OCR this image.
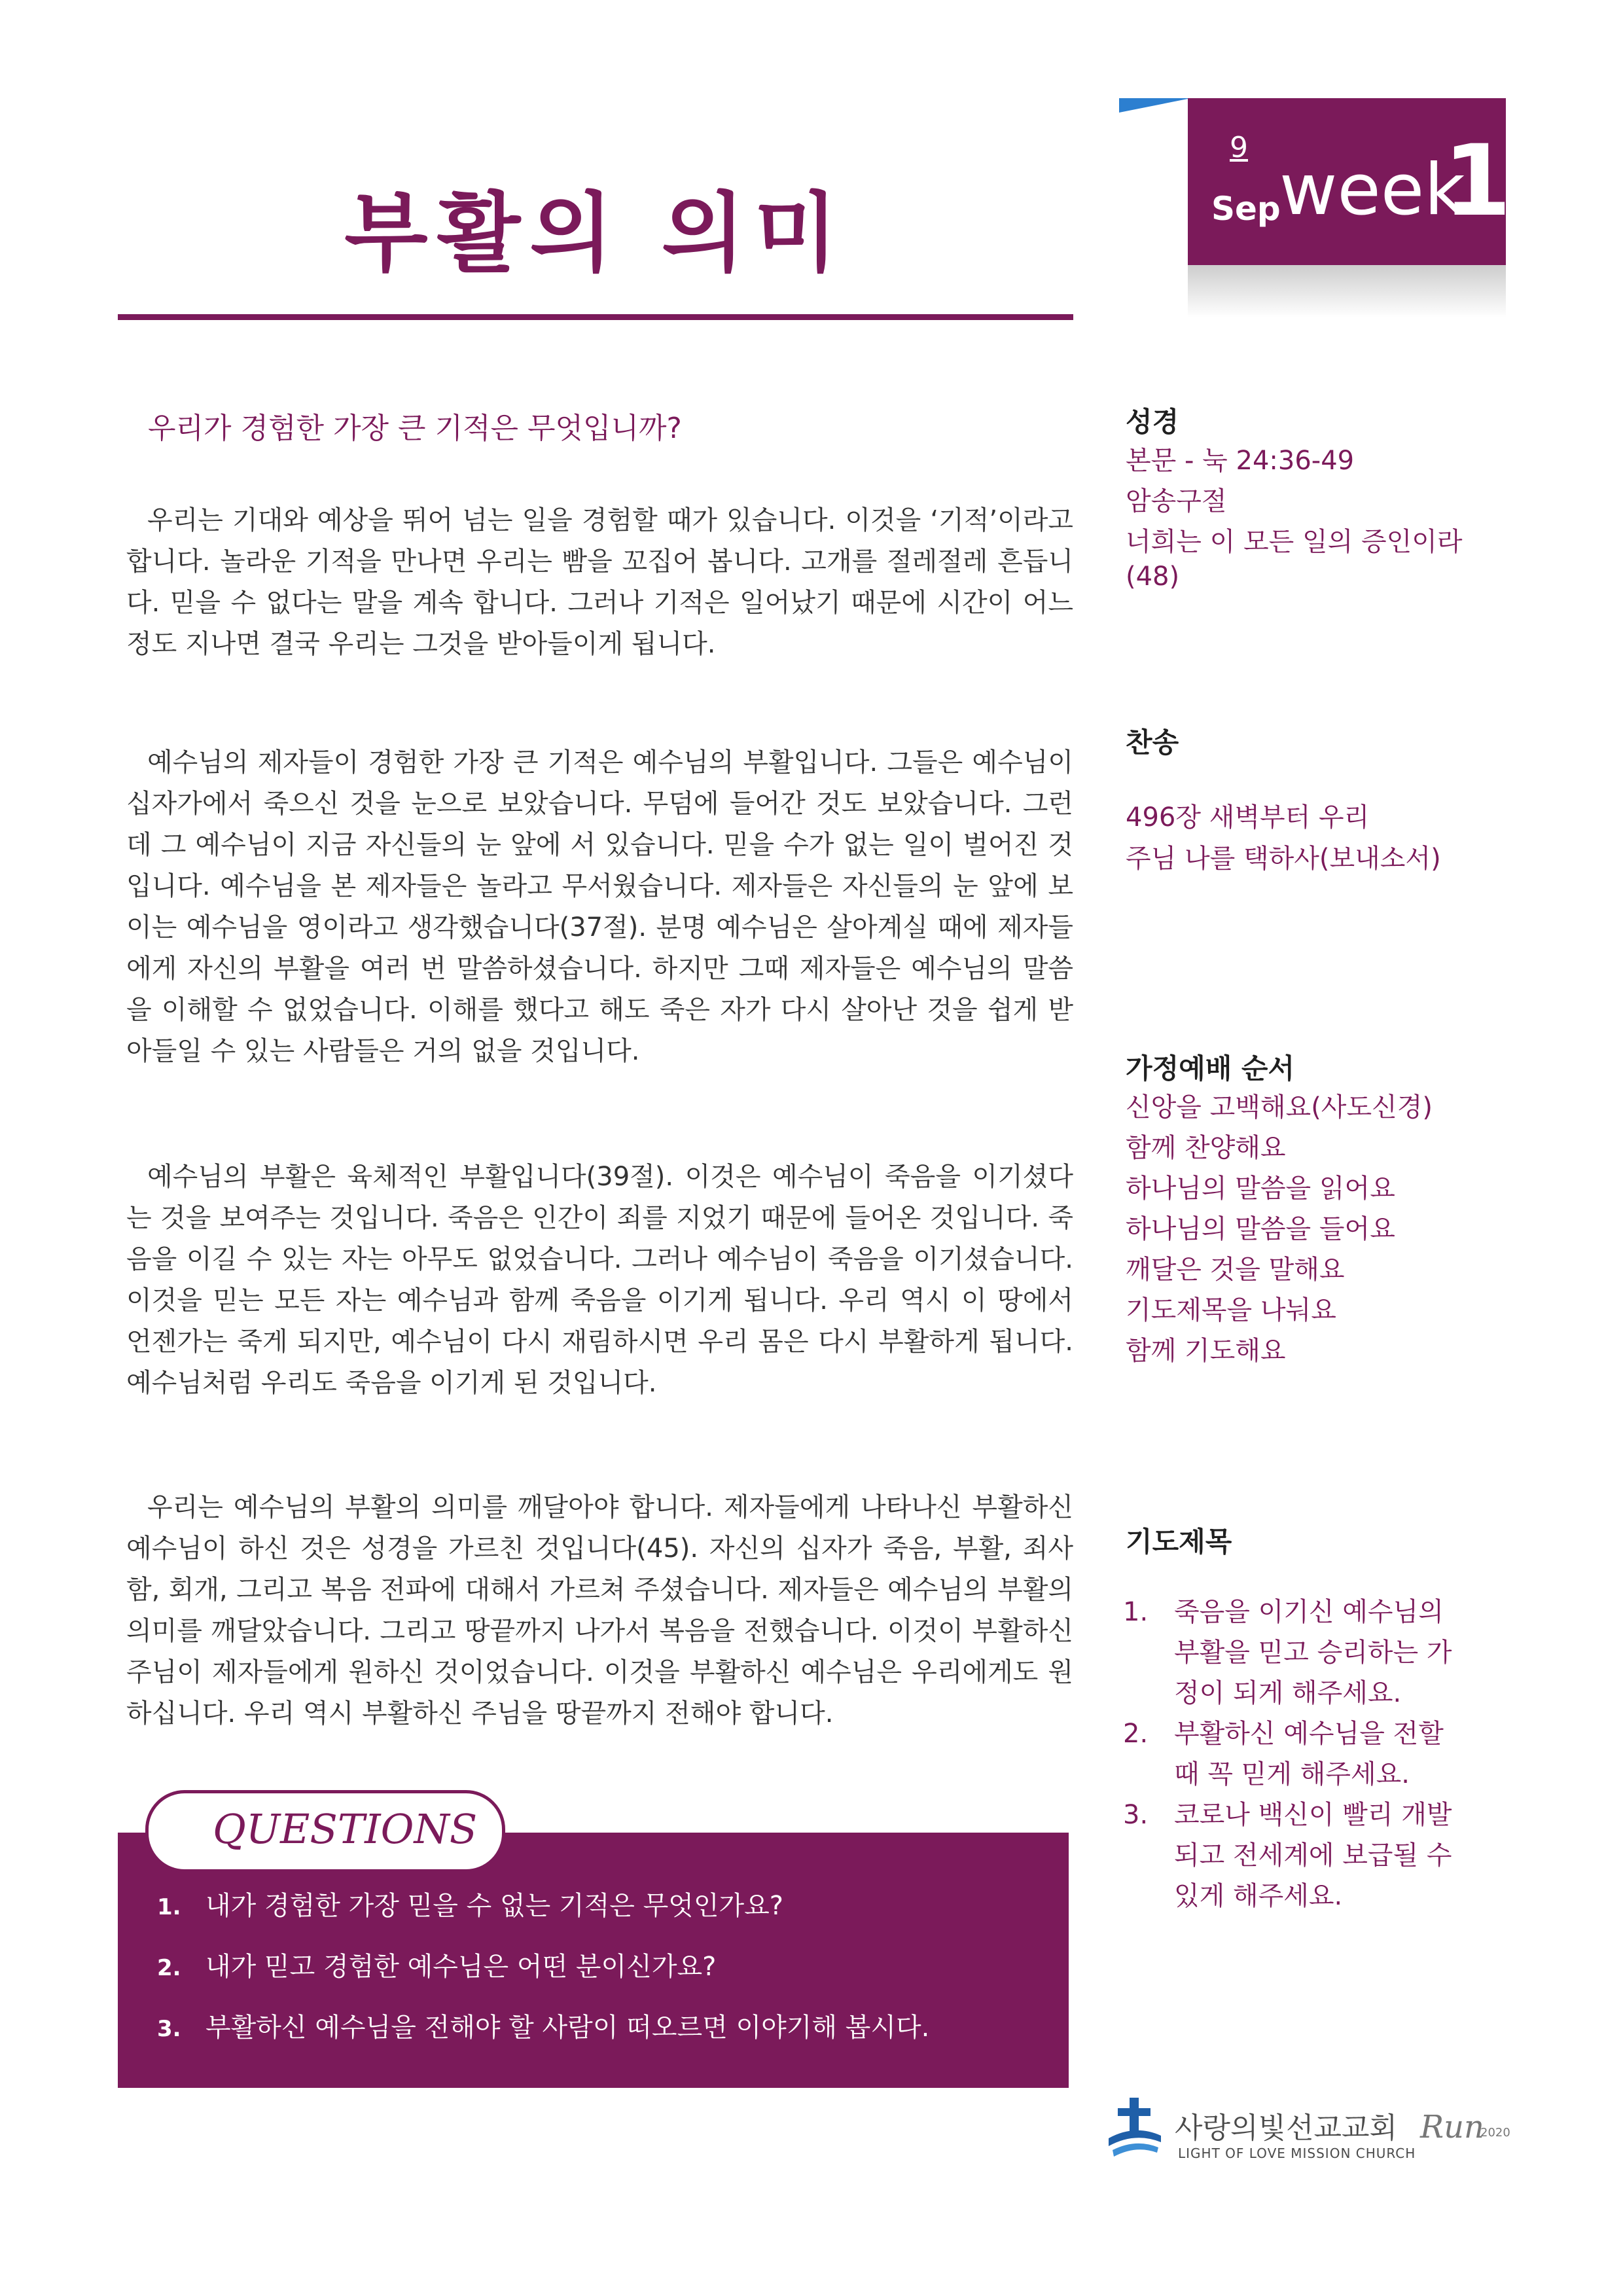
부활의 의미
9
Sep
week
1
우리가 경험한 가장 큰 기적은 무엇입니까?

우리는 기대와 예상을 뛰어 넘는 일을 경험할 때가 있습니다. 이것을 ‘기적’이라고 합니다. 놀라운 기적을 만나면 우리는 빰을 꼬집어 봅니다. 고개를 절레절레 흔듭니다. 믿을 수 없다는 말을 계속 합니다. 그러나 기적은 일어났기 때문에 시간이 어느 정도 지나면 결국 우리는 그것을 받아들이게 됩니다.

예수님의 제자들이 경험한 가장 큰 기적은 예수님의 부활입니다. 그들은 예수님이 십자가에서 죽으신 것을 눈으로 보았습니다. 무덤에 들어간 것도 보았습니다. 그런데 그 예수님이 지금 자신들의 눈 앞에 서 있습니다. 믿을 수가 없는 일이 벌어진 것입니다. 예수님을 본 제자들은 놀라고 무서웠습니다. 제자들은 자신들의 눈 앞에 보이는 예수님을 영이라고 생각했습니다(37절). 분명 예수님은 살아계실 때에 제자들에게 자신의 부활을 여러 번 말씀하셨습니다. 하지만 그때 제자들은 예수님의 말씀을 이해할 수 없었습니다. 이해를 했다고 해도 죽은 자가 다시 살아난 것을 쉽게 받아들일 수 있는 사람들은 거의 없을 것입니다.

예수님의 부활은 육체적인 부활입니다(39절). 이것은 예수님이 죽음을 이기셨다는 것을 보여주는 것입니다. 죽음은 인간이 죄를 지었기 때문에 들어온 것입니다. 죽음을 이길 수 있는 자는 아무도 없었습니다. 그러나 예수님이 죽음을 이기셨습니다. 이것을 믿는 모든 자는 예수님과 함께 죽음을 이기게 됩니다. 우리 역시 이 땅에서 언젠가는 죽게 되지만, 예수님이 다시 재림하시면 우리 몸은 다시 부활하게 됩니다. 예수님처럼 우리도 죽음을 이기게 된 것입니다.

우리는 예수님의 부활의 의미를 깨달아야 합니다. 제자들에게 나타나신 부활하신 예수님이 하신 것은 성경을 가르친 것입니다(45). 자신의 십자가 죽음, 부활, 죄사함, 회개, 그리고 복음 전파에 대해서 가르쳐 주셨습니다. 제자들은 예수님의 부활의 의미를 깨달았습니다. 그리고 땅끝까지 나가서 복음을 전했습니다. 이것이 부활하신 주님이 제자들에게 원하신 것이었습니다. 이것을 부활하신 예수님은 우리에게도 원하십니다. 우리 역시 부활하신 주님을 땅끝까지 전해야 합니다.

QUESTIONS
1. 내가 경험한 가장 믿을 수 없는 기적은 무엇인가요?
2. 내가 믿고 경험한 예수님은 어떤 분이신가요?
3. 부활하신 예수님을 전해야 할 사람이 떠오르면 이야기해 봅시다.
성경
본문 - 눅 24:36-49
암송구절
너희는 이 모든 일의 증인이라
(48)
찬송
496장 새벽부터 우리
주님 나를 택하사(보내소서)
가정예배 순서
신앙을 고백해요(사도신경)
함께 찬양해요
하나님의 말씀을 읽어요
하나님의 말씀을 들어요
깨달은 것을 말해요
기도제목을 나눠요
함께 기도해요
기도제목
1. 죽음을 이기신 예수님의 부활을 믿고 승리하는 가정이 되게 해주세요.
2. 부활하신 예수님을 전할 때 꼭 믿게 해주세요.
3. 코로나 백신이 빨리 개발되고 전세계에 보급될 수 있게 해주세요.
사랑의빛선교교회
LIGHT OF LOVE MISSION CHURCH
Run
2020
